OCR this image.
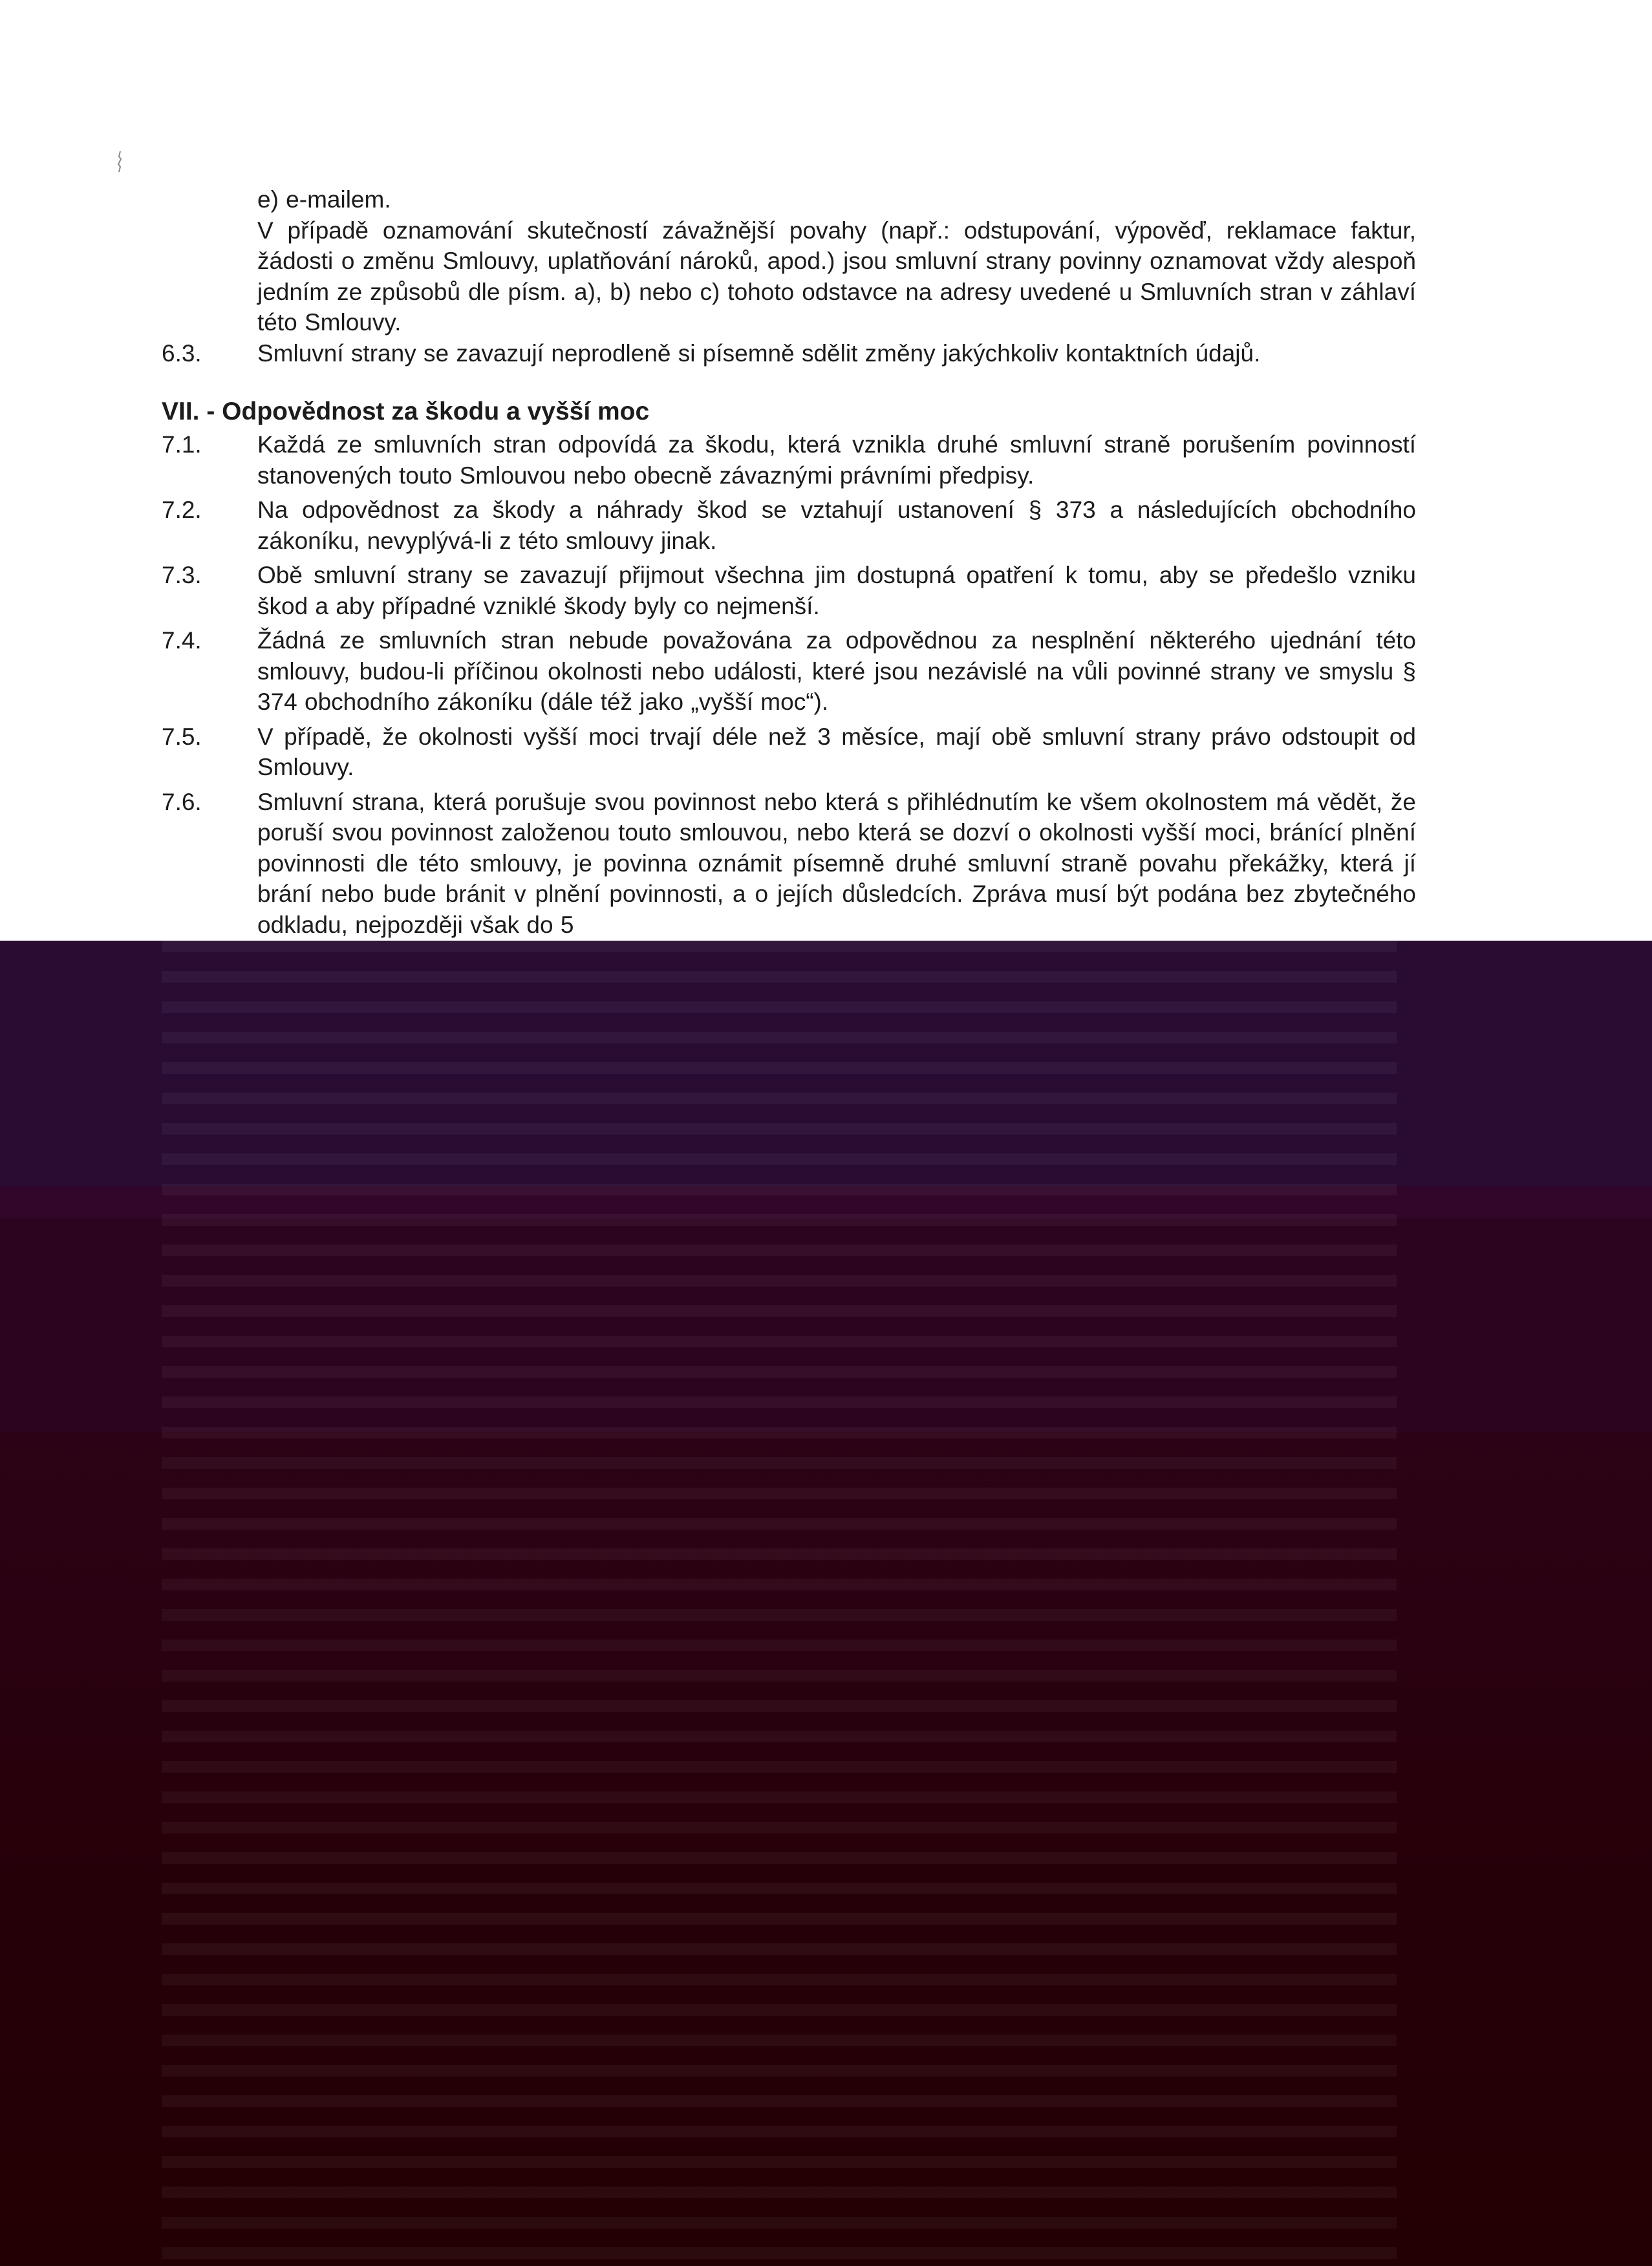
e) e-mailem.
V případě oznamování skutečností závažnější povahy (např.: odstupování, výpověď, reklamace faktur, žádosti o změnu Smlouvy, uplatňování nároků, apod.) jsou smluvní strany povinny oznamovat vždy alespoň jedním ze způsobů dle písm. a), b) nebo c) tohoto odstavce na adresy uvedené u Smluvních stran v záhlaví této Smlouvy.
6.3.	Smluvní strany se zavazují neprodleně si písemně sdělit změny jakýchkoliv kontaktních údajů.
VII. - Odpovědnost za škodu a vyšší moc
7.1.	Každá ze smluvních stran odpovídá za škodu, která vznikla druhé smluvní straně porušením povinností stanovených touto Smlouvou nebo obecně závaznými právními předpisy.
7.2.	Na odpovědnost za škody a náhrady škod se vztahují ustanovení § 373 a následujících obchodního zákoníku, nevyplývá-li z této smlouvy jinak.
7.3.	Obě smluvní strany se zavazují přijmout všechna jim dostupná opatření k tomu, aby se předešlo vzniku škod a aby případné vzniklé škody byly co nejmenší.
7.4.	Žádná ze smluvních stran nebude považována za odpovědnou za nesplnění některého ujednání této smlouvy, budou-li příčinou okolnosti nebo události, které jsou nezávislé na vůli povinné strany ve smyslu § 374 obchodního zákoníku (dále též jako „vyšší moc“).
7.5.	V případě, že okolnosti vyšší moci trvají déle než 3 měsíce, mají obě smluvní strany právo odstoupit od Smlouvy.
7.6.	Smluvní strana, která porušuje svou povinnost nebo která s přihlédnutím ke všem okolnostem má vědět, že poruší svou povinnost založenou touto smlouvou, nebo která se dozví o okolnosti vyšší moci, bránící plnění povinnosti dle této smlouvy, je povinna oznámit písemně druhé smluvní straně povahu překážky, která jí brání nebo bude bránit v plnění povinnosti, a o jejích důsledcích. Zpráva musí být podána bez zbytečného odkladu, nejpozději však do 5
